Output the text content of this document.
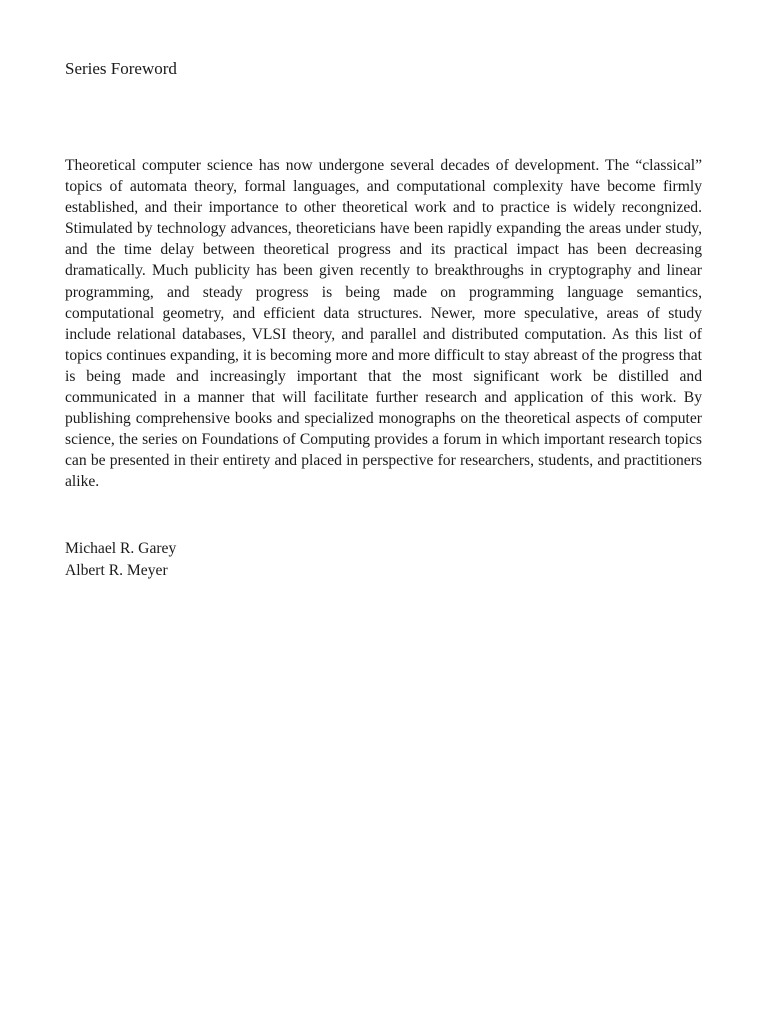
Series Foreword

Theoretical computer science has now undergone several decades of development. The “classical” topics of automata theory, formal languages, and computational complexity have become firmly established, and their importance to other theoretical work and to practice is widely recongnized. Stimulated by technology advances, theoreticians have been rapidly expanding the areas under study, and the time delay between theoretical progress and its practical impact has been decreasing dramatically. Much publicity has been given recently to breakthroughs in cryptography and linear programming, and steady progress is being made on programming language semantics, computational geometry, and efficient data structures. Newer, more speculative, areas of study include relational databases, VLSI theory, and parallel and distributed computation. As this list of topics continues expanding, it is becoming more and more difficult to stay abreast of the progress that is being made and increasingly important that the most significant work be distilled and communicated in a manner that will facilitate further research and application of this work. By publishing comprehensive books and specialized monographs on the theoretical aspects of computer science, the series on Foundations of Computing provides a forum in which important research topics can be presented in their entirety and placed in perspective for researchers, students, and practitioners alike.

Michael R. Garey
Albert R. Meyer
